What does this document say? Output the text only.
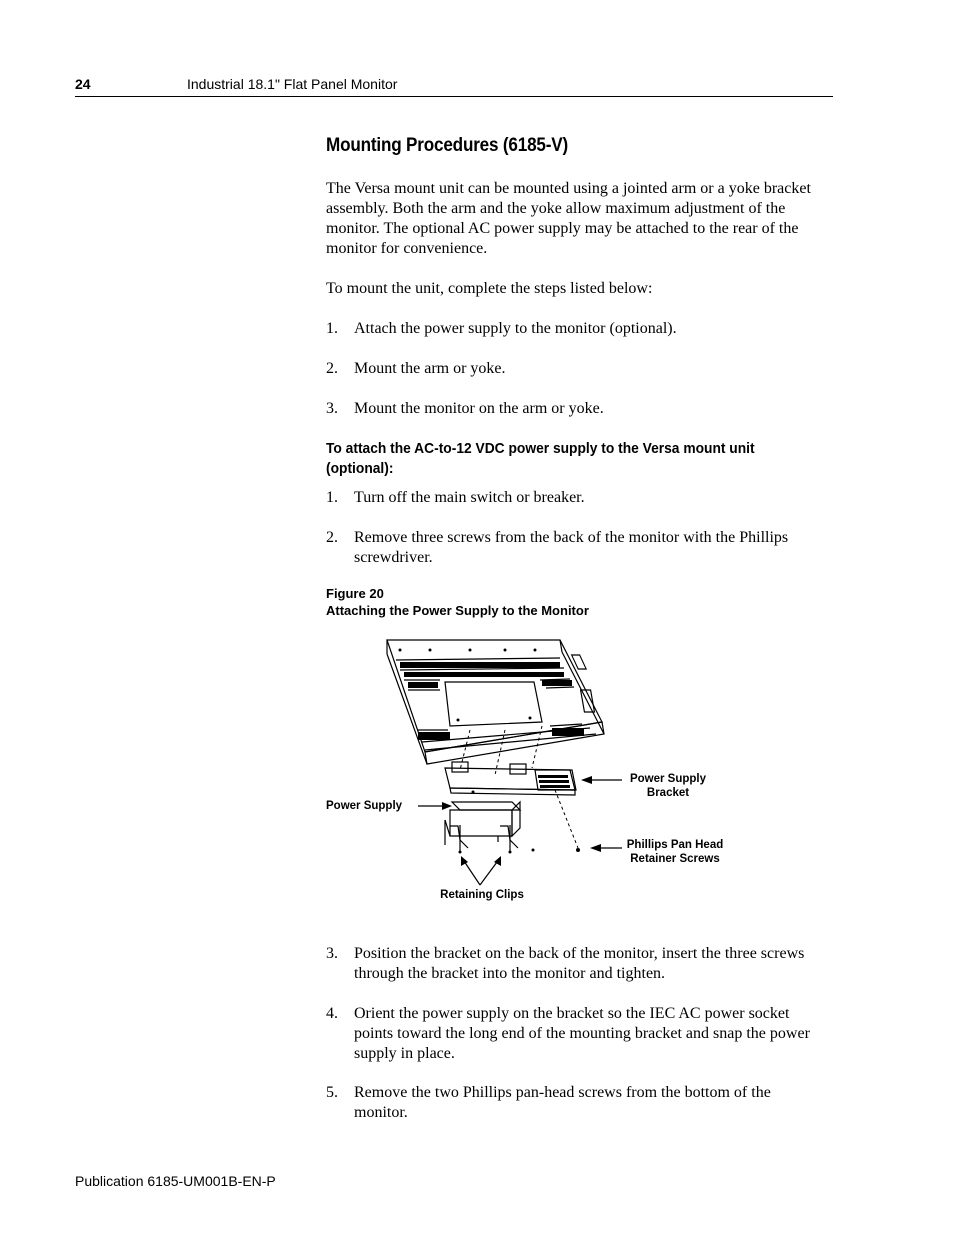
24	Industrial 18.1" Flat Panel Monitor
Mounting Procedures (6185-V)

The Versa mount unit can be mounted using a jointed arm or a yoke bracket assembly. Both the arm and the yoke allow maximum adjustment of the monitor. The optional AC power supply may be attached to the rear of the monitor for convenience.

To mount the unit, complete the steps listed below:

1. Attach the power supply to the monitor (optional).
2. Mount the arm or yoke.
3. Mount the monitor on the arm or yoke.
To attach the AC-to-12 VDC power supply to the Versa mount unit (optional):
1. Turn off the main switch or breaker.
2. Remove three screws from the back of the monitor with the Phillips screwdriver.
Figure 20
Attaching the Power Supply to the Monitor
Power Supply
Bracket
Power Supply
Phillips Pan Head
Retainer Screws
Retaining Clips
3. Position the bracket on the back of the monitor, insert the three screws through the bracket into the monitor and tighten.
4. Orient the power supply on the bracket so the IEC AC power socket points toward the long end of the mounting bracket and snap the power supply in place.
5. Remove the two Phillips pan-head screws from the bottom of the monitor.
Publication 6185-UM001B-EN-P
